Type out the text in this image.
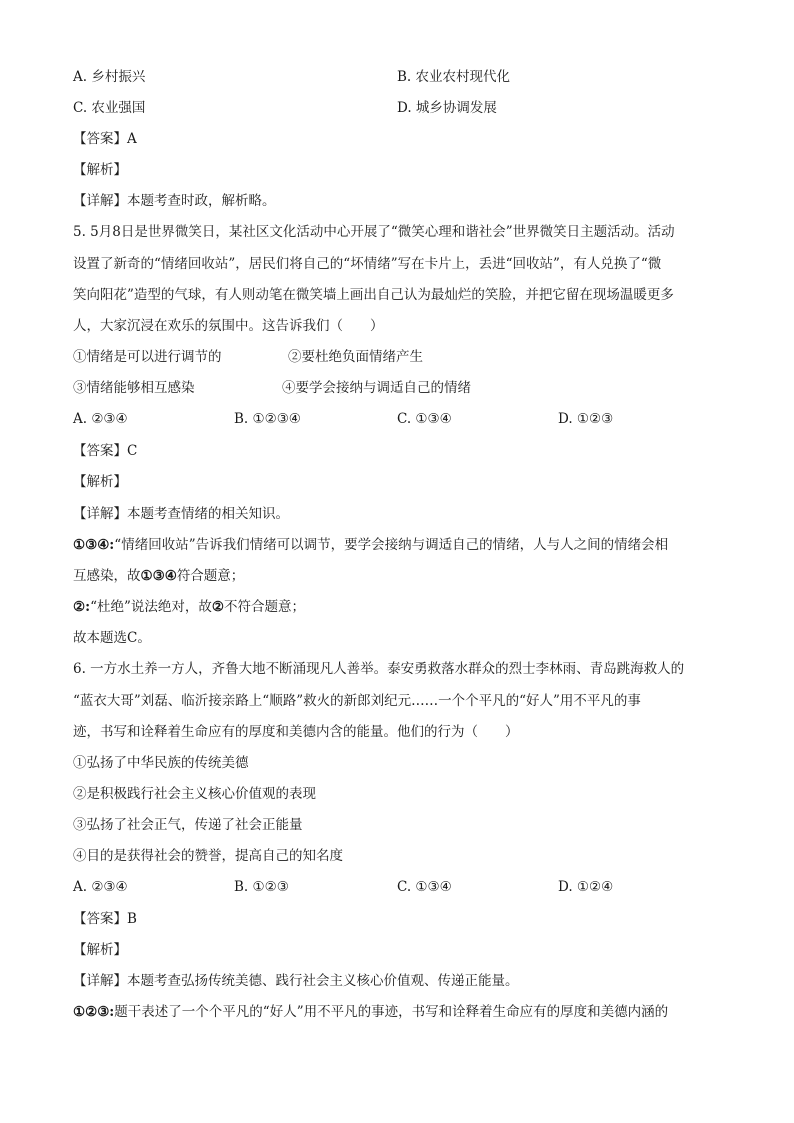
A. 乡村振兴	B. 农业农村现代化
C. 农业强国	D. 城乡协调发展
【答案】A
【解析】
【详解】本题考查时政，解析略。
5. 5月8日是世界微笑日，某社区文化活动中心开展了“微笑心理和谐社会”世界微笑日主题活动。活动
设置了新奇的“情绪回收站”，居民们将自己的“坏情绪”写在卡片上，丢进“回收站”，有人兑换了“微
笑向阳花”造型的气球，有人则动笔在微笑墙上画出自己认为最灿烂的笑脸，并把它留在现场温暖更多
人，大家沉浸在欢乐的氛围中。这告诉我们（　　）
①情绪是可以进行调节的	②要杜绝负面情绪产生
③情绪能够相互感染	④要学会接纳与调适自己的情绪
A. ②③④	B. ①②③④	C. ①③④	D. ①②③
【答案】C
【解析】
【详解】本题考查情绪的相关知识。
①③④:“情绪回收站”告诉我们情绪可以调节，要学会接纳与调适自己的情绪，人与人之间的情绪会相
互感染，故①③④符合题意；
②:“杜绝”说法绝对，故②不符合题意；
故本题选C。
6. 一方水土养一方人，齐鲁大地不断涌现凡人善举。泰安勇救落水群众的烈士李林雨、青岛跳海救人的
“蓝衣大哥”刘磊、临沂接亲路上“顺路”救火的新郎刘纪元……一个个平凡的“好人”用不平凡的事
迹，书写和诠释着生命应有的厚度和美德内含的能量。他们的行为（　　）
①弘扬了中华民族的传统美德
②是积极践行社会主义核心价值观的表现
③弘扬了社会正气，传递了社会正能量
④目的是获得社会的赞誉，提高自己的知名度
A. ②③④	B. ①②③	C. ①③④	D. ①②④
【答案】B
【解析】
【详解】本题考查弘扬传统美德、践行社会主义核心价值观、传递正能量。
①②③:题干表述了一个个平凡的“好人”用不平凡的事迹，书写和诠释着生命应有的厚度和美德内涵的
